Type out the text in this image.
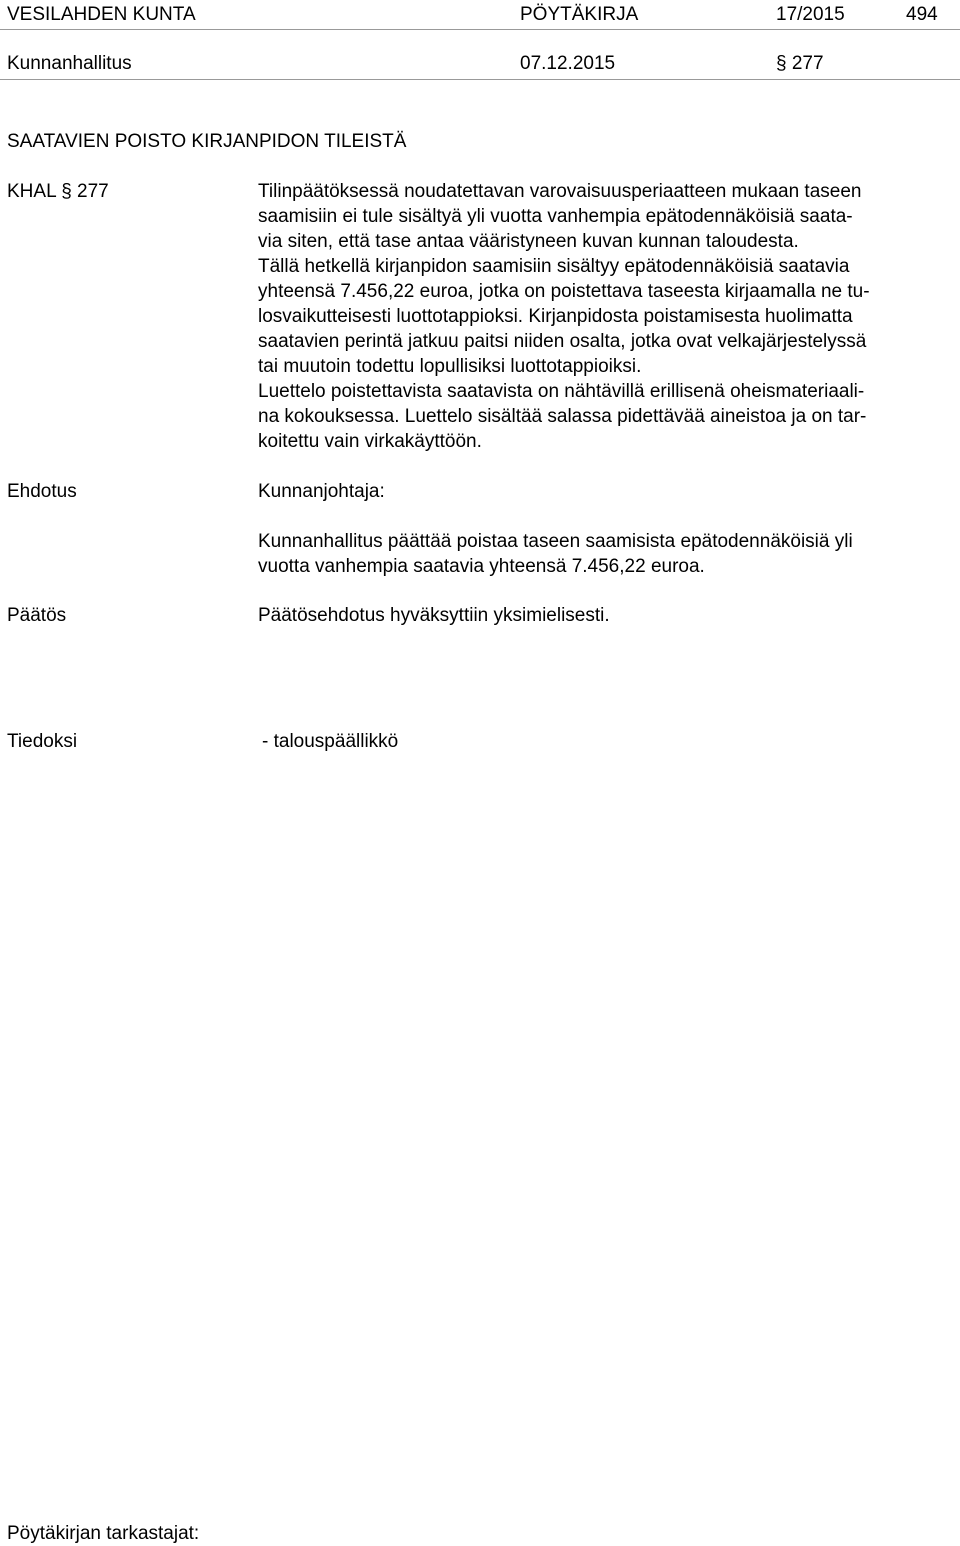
VESILAHDEN KUNTA	PÖYTÄKIRJA	17/2015	494
Kunnanhallitus	07.12.2015	§ 277
SAATAVIEN POISTO KIRJANPIDON TILEISTÄ
KHAL § 277	Tilinpäätöksessä noudatettavan varovaisuusperiaatteen mukaan taseen
saamisiin ei tule sisältyä yli vuotta vanhempia epätodennäköisiä saata-
via siten, että tase antaa vääristyneen kuvan kunnan taloudesta.
Tällä hetkellä kirjanpidon saamisiin sisältyy epätodennäköisiä saatavia
yhteensä 7.456,22 euroa, jotka on poistettava taseesta kirjaamalla ne tu-
losvaikutteisesti luottotappioksi. Kirjanpidosta poistamisesta huolimatta
saatavien perintä jatkuu paitsi niiden osalta, jotka ovat velkajärjestelyssä
tai muutoin todettu lopullisiksi luottotappioiksi.
Luettelo poistettavista saatavista on nähtävillä erillisenä oheismateriaali-
na kokouksessa. Luettelo sisältää salassa pidettävää aineistoa ja on tar-
koitettu vain virkakäyttöön.
Ehdotus	Kunnanjohtaja:
Kunnanhallitus päättää poistaa taseen saamisista epätodennäköisiä yli
vuotta vanhempia saatavia yhteensä 7.456,22 euroa.
Päätös	Päätösehdotus hyväksyttiin yksimielisesti.
Tiedoksi	- talouspäällikkö
Pöytäkirjan tarkastajat:
